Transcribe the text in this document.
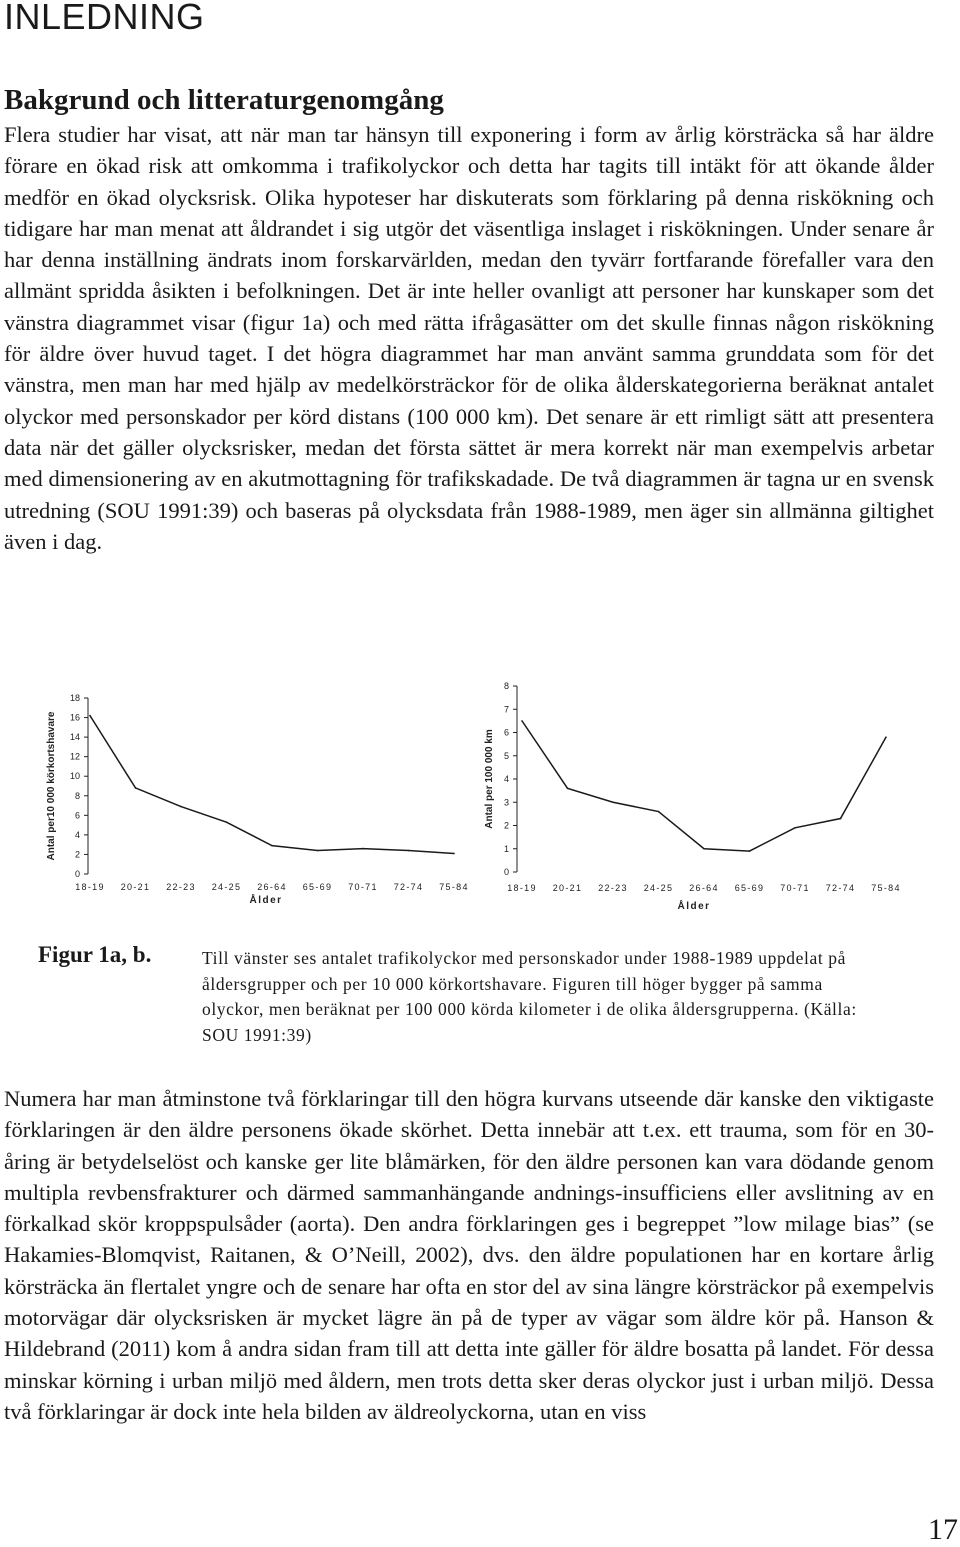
INLEDNING
Bakgrund och litteraturgenomgång

Flera studier har visat, att när man tar hänsyn till exponering i form av årlig körsträcka så har äldre förare en ökad risk att omkomma i trafikolyckor och detta har tagits till intäkt för att ökande ålder medför en ökad olycksrisk. Olika hypoteser har diskuterats som förklaring på denna riskökning och tidigare har man menat att åldrandet i sig utgör det väsentliga inslaget i riskökningen. Under senare år har denna inställning ändrats inom forskarvärlden, medan den tyvärr fortfarande förefaller vara den allmänt spridda åsikten i befolkningen. Det är inte heller ovanligt att personer har kunskaper som det vänstra diagrammet visar (figur 1a) och med rätta ifrågasätter om det skulle finnas någon riskökning för äldre över huvud taget. I det högra diagrammet har man använt samma grunddata som för det vänstra, men man har med hjälp av medelkörsträckor för de olika ålderskategorierna beräknat antalet olyckor med personskador per körd distans (100 000 km). Det senare är ett rimligt sätt att presentera data när det gäller olycksrisker, medan det första sättet är mera korrekt när man exempelvis arbetar med dimensionering av en akutmottagning för trafikskadade. De två diagrammen är tagna ur en svensk utredning (SOU 1991:39) och baseras på olycksdata från 1988-1989, men äger sin allmänna giltighet även i dag.

0
2
4
6
8
10
12
14
16
18
Antal per10 000 körkortshavare
18-19 20-21 22-23 24-25 26-64 65-69 70-71 72-74 75-84
Ålder
0
1
2
3
4
5
6
7
8
Antal per 100 000 km
18-19 20-21 22-23 24-25 26-64 65-69 70-71 72-74 75-84
Ålder

Figur 1a, b.	Till vänster ses antalet trafikolyckor med personskador under 1988-1989 uppdelat på åldersgrupper och per 10 000 körkortshavare. Figuren till höger bygger på samma olyckor, men beräknat per 100 000 körda kilometer i de olika åldersgrupperna. (Källa: SOU 1991:39)

Numera har man åtminstone två förklaringar till den högra kurvans utseende där kanske den viktigaste förklaringen är den äldre personens ökade skörhet. Detta innebär att t.ex. ett trauma, som för en 30-åring är betydelselöst och kanske ger lite blåmärken, för den äldre personen kan vara dödande genom multipla revbensfrakturer och därmed sammanhängande andnings-insufficiens eller avslitning av en förkalkad skör kroppspulsåder (aorta). Den andra förklaringen ges i begreppet ”low milage bias” (se Hakamies-Blomqvist, Raitanen, & O’Neill, 2002), dvs. den äldre populationen har en kortare årlig körsträcka än flertalet yngre och de senare har ofta en stor del av sina längre körsträckor på exempelvis motorvägar där olycksrisken är mycket lägre än på de typer av vägar som äldre kör på. Hanson & Hildebrand (2011) kom å andra sidan fram till att detta inte gäller för äldre bosatta på landet. För dessa minskar körning i urban miljö med åldern, men trots detta sker deras olyckor just i urban miljö. Dessa två förklaringar är dock inte hela bilden av äldreolyckorna, utan en viss

17
